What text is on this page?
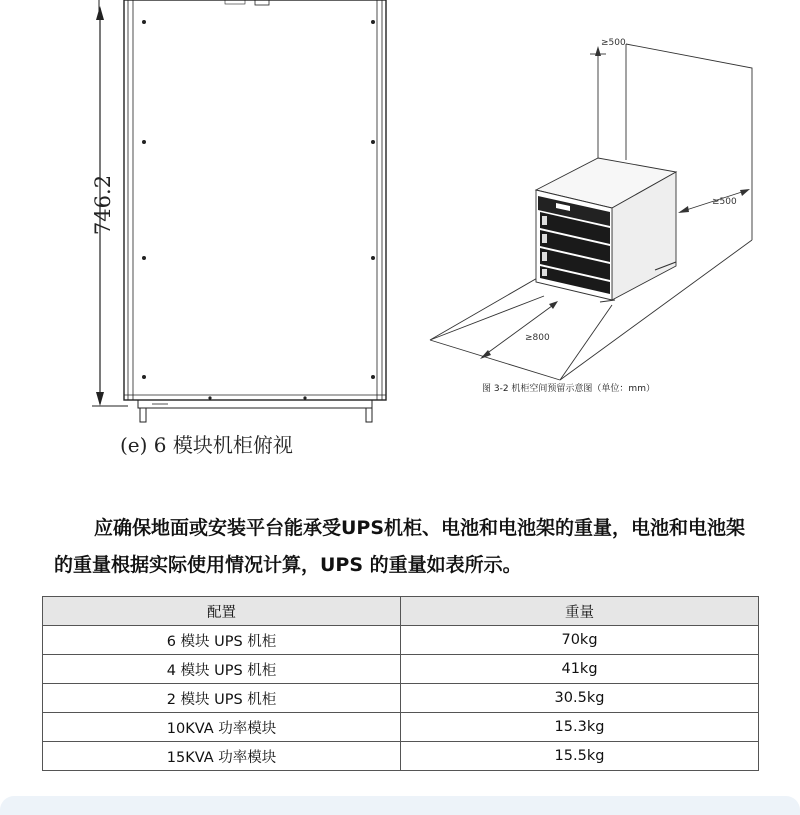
746.2
(e) 6 模块机柜俯视
≥500
≥500
≥800
图 3-2 机柜空间预留示意图（单位：mm）

应确保地面或安装平台能承受UPS机柜、电池和电池架的重量，电池和电池架的重量根据实际使用情况计算，UPS 的重量如表所示。

配置	重量
6 模块 UPS 机柜	70kg
4 模块 UPS 机柜	41kg
2 模块 UPS 机柜	30.5kg
10KVA 功率模块	15.3kg
15KVA 功率模块	15.5kg
